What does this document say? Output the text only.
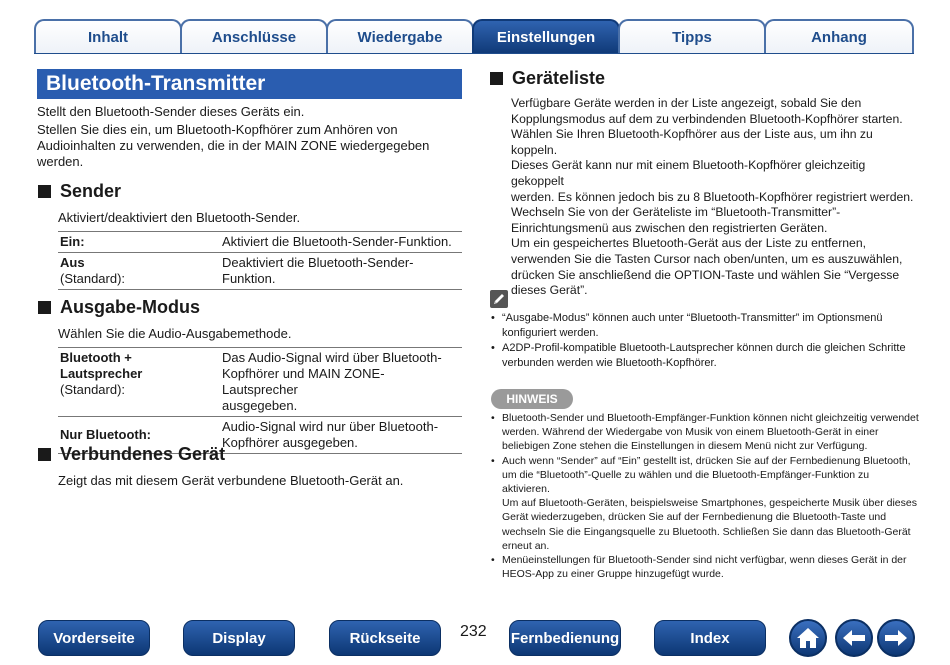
Inhalt	Anschlüsse	Wiedergabe	Einstellungen	Tipps	Anhang
Bluetooth-Transmitter
Stellt den Bluetooth-Sender dieses Geräts ein.
Stellen Sie dies ein, um Bluetooth-Kopfhörer zum Anhören von
Audioinhalten zu verwenden, die in der MAIN ZONE wiedergegeben
werden.
Sender
Aktiviert/deaktiviert den Bluetooth-Sender.
Ein:	Aktiviert die Bluetooth-Sender-Funktion.
Aus
(Standard):	Deaktiviert die Bluetooth-Sender-
Funktion.
Ausgabe-Modus
Wählen Sie die Audio-Ausgabemethode.
Bluetooth +
Lautsprecher
(Standard):	Das Audio-Signal wird über Bluetooth-
Kopfhörer und MAIN ZONE-Lautsprecher
ausgegeben.
Nur Bluetooth:	Audio-Signal wird nur über Bluetooth-
Kopfhörer ausgegeben.
Verbundenes Gerät
Zeigt das mit diesem Gerät verbundene Bluetooth-Gerät an.
Geräteliste
Verfügbare Geräte werden in der Liste angezeigt, sobald Sie den
Kopplungsmodus auf dem zu verbindenden Bluetooth-Kopfhörer starten.
Wählen Sie Ihren Bluetooth-Kopfhörer aus der Liste aus, um ihn zu koppeln.
Dieses Gerät kann nur mit einem Bluetooth-Kopfhörer gleichzeitig gekoppelt
werden. Es können jedoch bis zu 8 Bluetooth-Kopfhörer registriert werden.
Wechseln Sie von der Geräteliste im “Bluetooth-Transmitter”-
Einrichtungsmenü aus zwischen den registrierten Geräten.
Um ein gespeichertes Bluetooth-Gerät aus der Liste zu entfernen,
verwenden Sie die Tasten Cursor nach oben/unten, um es auszuwählen,
drücken Sie anschließend die OPTION-Taste und wählen Sie “Vergesse
dieses Gerät”.
• “Ausgabe-Modus” können auch unter “Bluetooth-Transmitter” im Optionsmenü konfiguriert werden.
• A2DP-Profil-kompatible Bluetooth-Lautsprecher können durch die gleichen Schritte verbunden werden wie Bluetooth-Kopfhörer.
HINWEIS
• Bluetooth-Sender und Bluetooth-Empfänger-Funktion können nicht gleichzeitig verwendet werden. Während der Wiedergabe von Musik von einem Bluetooth-Gerät in einer beliebigen Zone stehen die Einstellungen in diesem Menü nicht zur Verfügung.
• Auch wenn “Sender” auf “Ein” gestellt ist, drücken Sie auf der Fernbedienung Bluetooth, um die “Bluetooth”-Quelle zu wählen und die Bluetooth-Empfänger-Funktion zu aktivieren.
Um auf Bluetooth-Geräten, beispielsweise Smartphones, gespeicherte Musik über dieses Gerät wiederzugeben, drücken Sie auf der Fernbedienung die Bluetooth-Taste und wechseln Sie die Eingangsquelle zu Bluetooth. Schließen Sie dann das Bluetooth-Gerät erneut an.
• Menüeinstellungen für Bluetooth-Sender sind nicht verfügbar, wenn dieses Gerät in der HEOS-App zu einer Gruppe hinzugefügt wurde.
Vorderseite	Display	Rückseite	232 Fernbedienung	Index
